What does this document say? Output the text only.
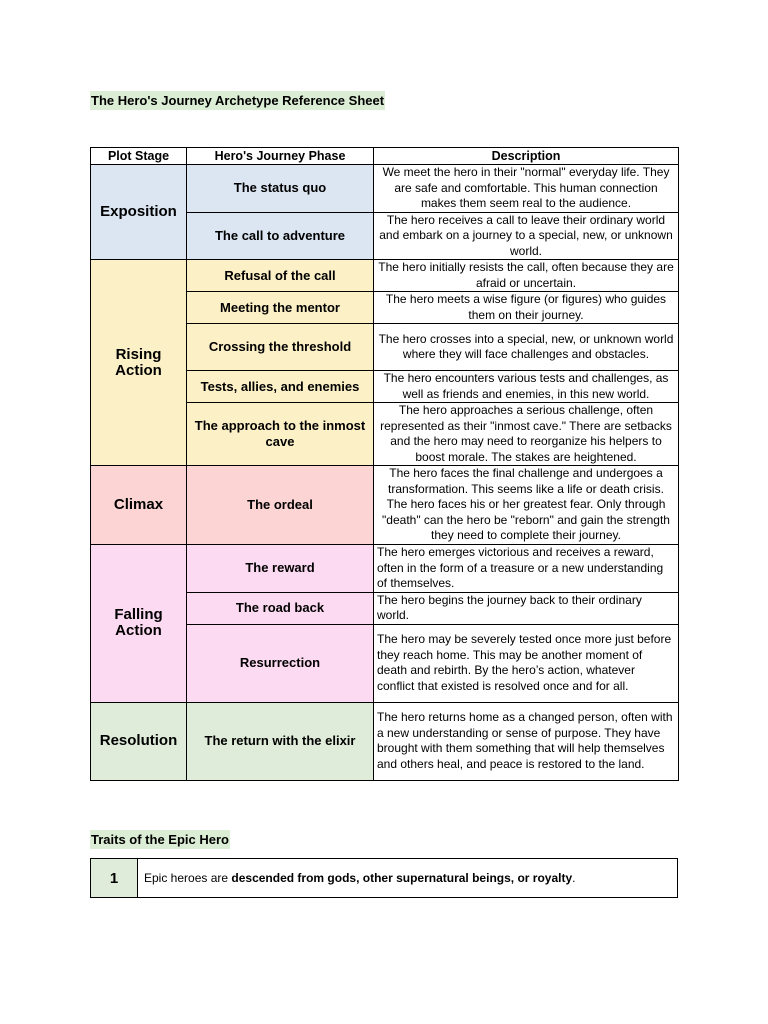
The Hero's Journey Archetype Reference Sheet
Plot Stage	Hero's Journey Phase	Description
Exposition	The status quo	We meet the hero in their "normal" everyday life. They are safe and comfortable. This human connection makes them seem real to the audience.
	The call to adventure	The hero receives a call to leave their ordinary world and embark on a journey to a special, new, or unknown world.
Rising Action	Refusal of the call	The hero initially resists the call, often because they are afraid or uncertain.
	Meeting the mentor	The hero meets a wise figure (or figures) who guides them on their journey.
	Crossing the threshold	The hero crosses into a special, new, or unknown world where they will face challenges and obstacles.
	Tests, allies, and enemies	The hero encounters various tests and challenges, as well as friends and enemies, in this new world.
	The approach to the inmost cave	The hero approaches a serious challenge, often represented as their "inmost cave." There are setbacks and the hero may need to reorganize his helpers to boost morale. The stakes are heightened.
Climax	The ordeal	The hero faces the final challenge and undergoes a transformation. This seems like a life or death crisis. The hero faces his or her greatest fear. Only through "death" can the hero be "reborn" and gain the strength they need to complete their journey.
Falling Action	The reward	The hero emerges victorious and receives a reward, often in the form of a treasure or a new understanding of themselves.
	The road back	The hero begins the journey back to their ordinary world.
	Resurrection	The hero may be severely tested once more just before they reach home. This may be another moment of death and rebirth. By the hero’s action, whatever conflict that existed is resolved once and for all.
Resolution	The return with the elixir	The hero returns home as a changed person, often with a new understanding or sense of purpose. They have brought with them something that will help themselves and others heal, and peace is restored to the land.
Traits of the Epic Hero
1	Epic heroes are descended from gods, other supernatural beings, or royalty.
